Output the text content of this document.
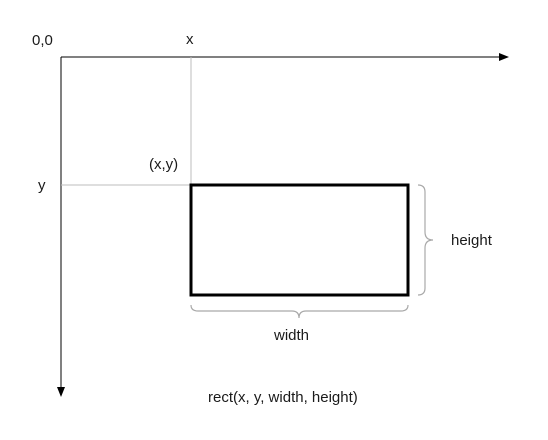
0,0	x
y
(x,y)
height
width
rect(x, y, width, height)
